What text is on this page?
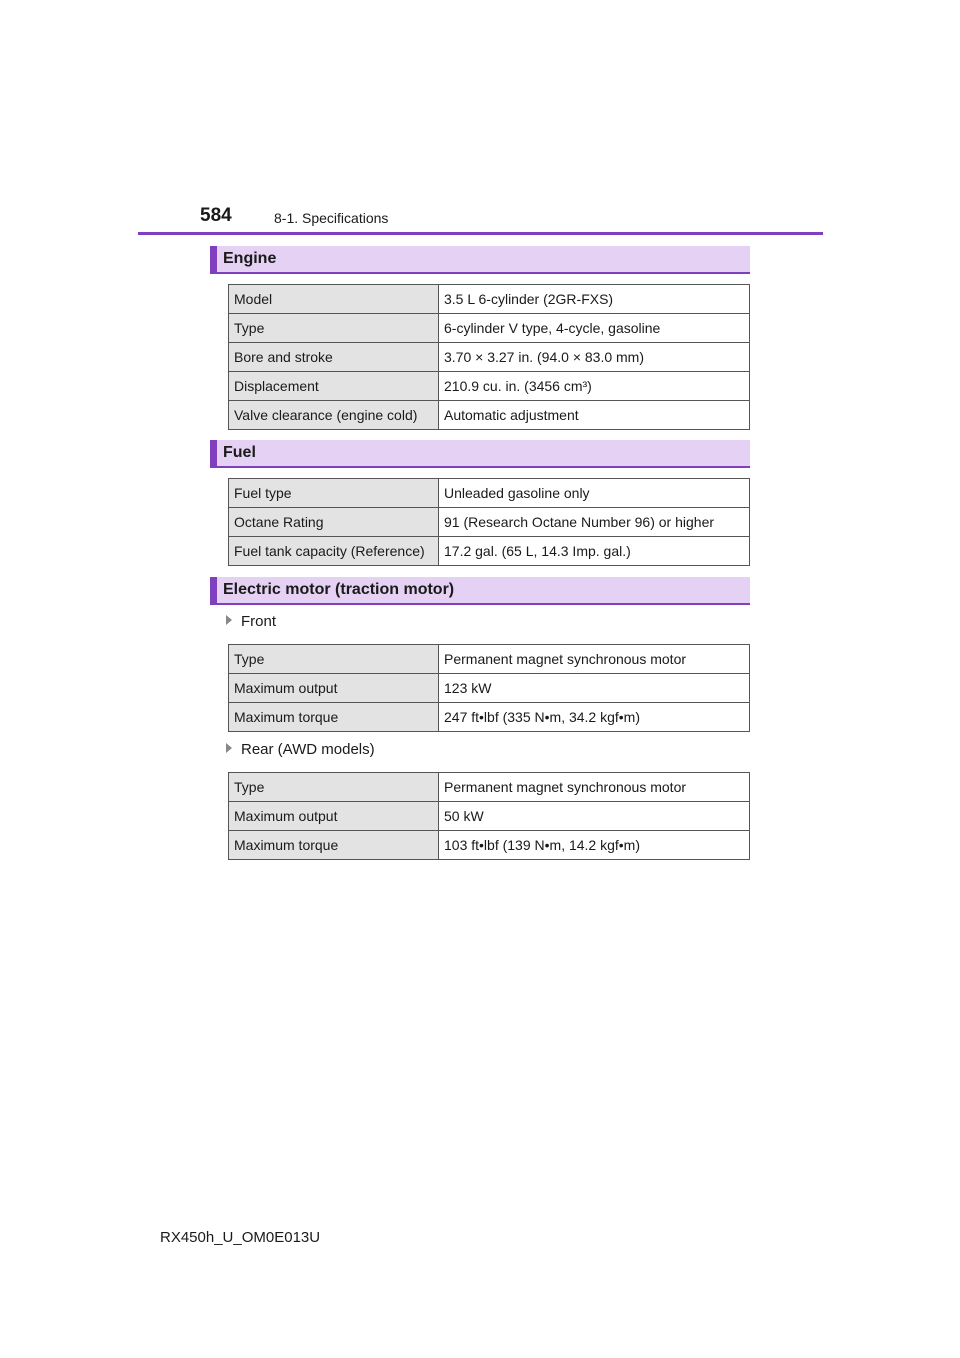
584	8-1. Specifications
Engine
Model	3.5 L 6-cylinder (2GR-FXS)
Type	6-cylinder V type, 4-cycle, gasoline
Bore and stroke	3.70 × 3.27 in. (94.0 × 83.0 mm)
Displacement	210.9 cu. in. (3456 cm³)
Valve clearance (engine cold)	Automatic adjustment
Fuel
Fuel type	Unleaded gasoline only
Octane Rating	91 (Research Octane Number 96) or higher
Fuel tank capacity (Reference)	17.2 gal. (65 L, 14.3 Imp. gal.)
Electric motor (traction motor)
Front
Type	Permanent magnet synchronous motor
Maximum output	123 kW
Maximum torque	247 ft•lbf (335 N•m, 34.2 kgf•m)
Rear (AWD models)
Type	Permanent magnet synchronous motor
Maximum output	50 kW
Maximum torque	103 ft•lbf (139 N•m, 14.2 kgf•m)
RX450h_U_OM0E013U
